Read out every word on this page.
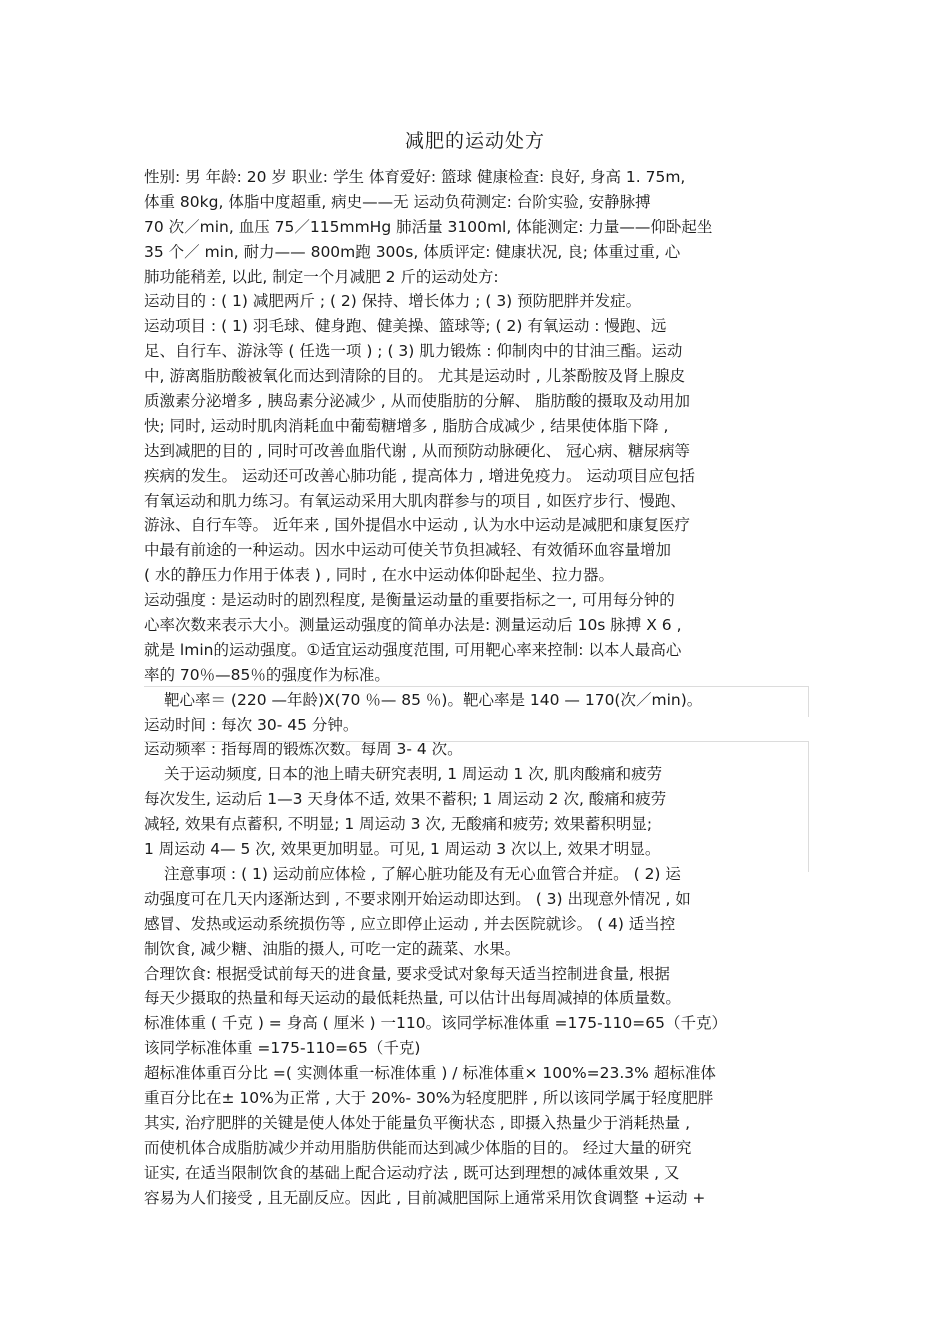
减肥的运动处方
性别: 男 年龄: 20 岁 职业: 学生 体育爱好: 篮球 健康检查: 良好, 身高 1. 75m,
体重 80kg, 体脂中度超重, 病史——无 运动负荷测定: 台阶实验, 安静脉搏
70 次／min, 血压 75／115mmHg 肺活量 3100ml, 体能测定: 力量——仰卧起坐
35 个／ min, 耐力—— 800m跑 300s, 体质评定: 健康状况, 良; 体重过重, 心
肺功能稍差, 以此, 制定一个月减肥 2 斤的运动处方:
运动目的 : ( 1) 减肥两斤 ; ( 2) 保持、增长体力 ; ( 3) 预防肥胖并发症。
运动项目 : ( 1) 羽毛球、健身跑、健美操、篮球等; ( 2) 有氧运动 : 慢跑、远
足、自行车、游泳等 ( 任选一项 ) ; ( 3) 肌力锻炼 : 仰制肉中的甘油三酯。运动
中, 游离脂肪酸被氧化而达到清除的目的。 尤其是运动时 , 儿茶酚胺及肾上腺皮
质激素分泌增多 , 胰岛素分泌减少 , 从而使脂肪的分解、 脂肪酸的摄取及动用加
快; 同时, 运动时肌肉消耗血中葡萄糖增多 , 脂肪合成减少 , 结果使体脂下降 ,
达到减肥的目的 , 同时可改善血脂代谢 , 从而预防动脉硬化、 冠心病、糖尿病等
疾病的发生。 运动还可改善心肺功能 , 提高体力 , 增进免疫力。 运动项目应包括
有氧运动和肌力练习。有氧运动采用大肌肉群参与的项目 , 如医疗步行、慢跑、
游泳、自行车等。 近年来 , 国外提倡水中运动 , 认为水中运动是减肥和康复医疗
中最有前途的一种运动。因水中运动可使关节负担减轻、有效循环血容量增加
( 水的静压力作用于体表 ) , 同时 , 在水中运动体仰卧起坐、拉力器。
运动强度 : 是运动时的剧烈程度, 是衡量运动量的重要指标之一, 可用每分钟的
心率次数来表示大小。测量运动强度的简单办法是: 测量运动后 10s 脉搏 X 6 ,
就是 lmin的运动强度。①适宜运动强度范围, 可用靶心率来控制: 以本人最高心
率的 70％—85％的强度作为标准。
靶心率＝ (220 —年龄)X(70 ％— 85 ％)。靶心率是 140 — 170(次／min)。
运动时间 : 每次 30- 45 分钟。
运动频率 : 指每周的锻炼次数。每周 3- 4 次。
关于运动频度, 日本的池上晴夫研究表明, 1 周运动 1 次, 肌肉酸痛和疲劳
每次发生, 运动后 1—3 天身体不适, 效果不蓄积; 1 周运动 2 次, 酸痛和疲劳
减轻, 效果有点蓄积, 不明显; 1 周运动 3 次, 无酸痛和疲劳; 效果蓄积明显;
1 周运动 4— 5 次, 效果更加明显。可见, 1 周运动 3 次以上, 效果才明显。
注意事项 : ( 1) 运动前应体检 , 了解心脏功能及有无心血管合并症。 ( 2) 运
动强度可在几天内逐渐达到 , 不要求刚开始运动即达到。 ( 3) 出现意外情况 , 如
感冒、发热或运动系统损伤等 , 应立即停止运动 , 并去医院就诊。 ( 4) 适当控
制饮食, 减少糖、油脂的摄人, 可吃一定的蔬菜、水果。
合理饮食: 根据受试前每天的进食量, 要求受试对象每天适当控制进食量, 根据
每天少摄取的热量和每天运动的最低耗热量, 可以估计出每周减掉的体质量数。
标准体重 ( 千克 ) = 身高 ( 厘米 ) 一110。该同学标准体重 =175-110=65（千克）
该同学标准体重 =175-110=65（千克)
超标准体重百分比 =( 实测体重一标准体重 ) / 标准体重× 100%=23.3% 超标准体
重百分比在± 10%为正常 , 大于 20%- 30%为轻度肥胖 , 所以该同学属于轻度肥胖
其实, 治疗肥胖的关键是使人体处于能量负平衡状态 , 即摄入热量少于消耗热量 ,
而使机体合成脂肪减少并动用脂肪供能而达到减少体脂的目的。 经过大量的研究
证实, 在适当限制饮食的基础上配合运动疗法 , 既可达到理想的减体重效果 , 又
容易为人们接受 , 且无副反应。因此 , 目前减肥国际上通常采用饮食调整 +运动 +
